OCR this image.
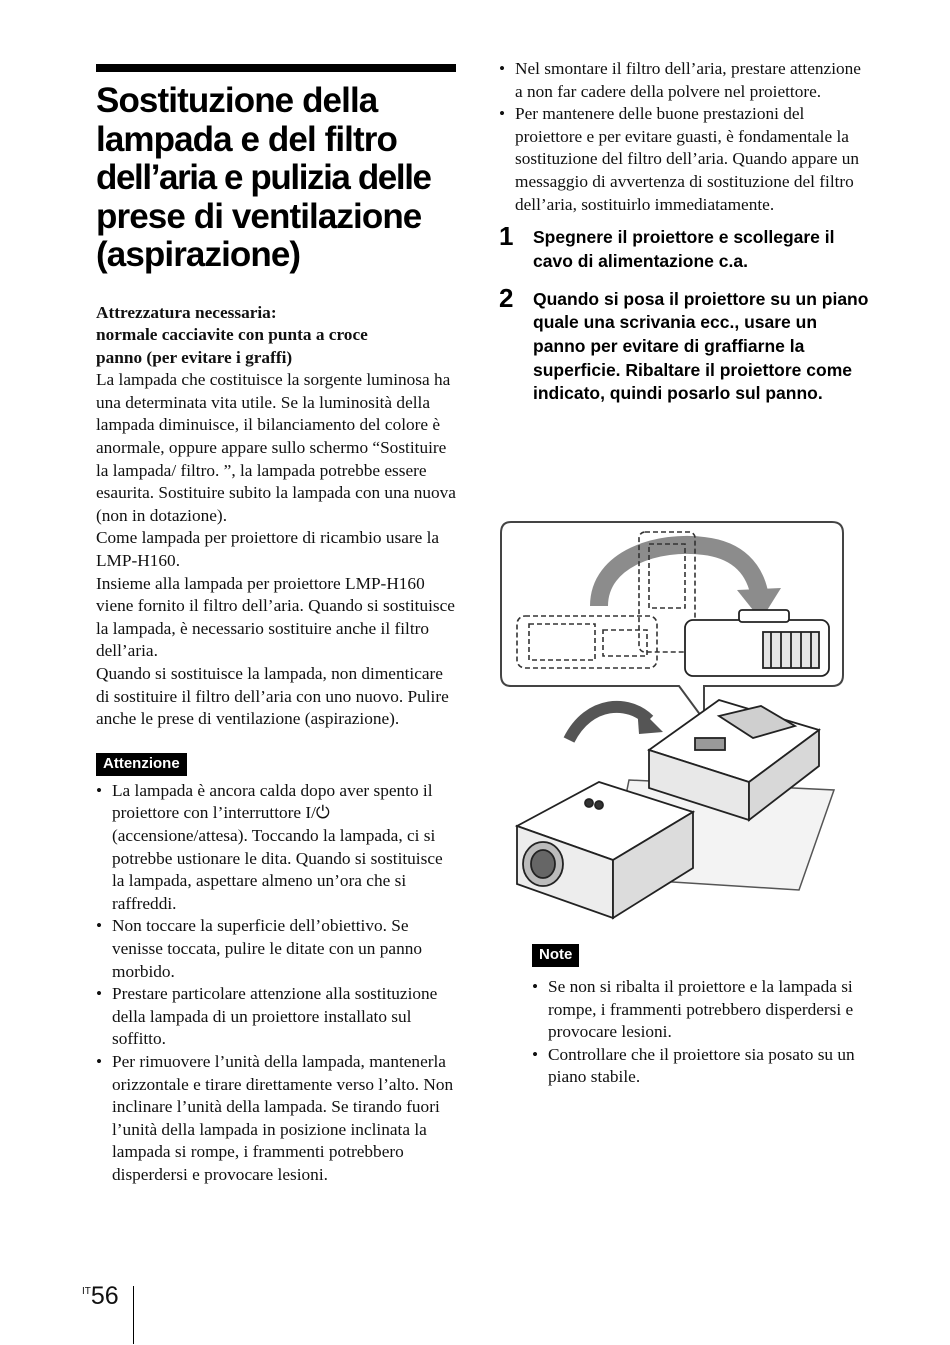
Sostituzione della
lampada e del filtro
dell’aria e pulizia delle
prese di ventilazione
(aspirazione)
Attrezzatura necessaria:
normale cacciavite con punta a croce
panno (per evitare i graffi)

La lampada che costituisce la sorgente luminosa ha una determinata vita utile. Se la luminosità della lampada diminuisce, il bilanciamento del colore è anormale, oppure appare sullo schermo “Sostituire la lampada/ filtro. ”, la lampada potrebbe essere esaurita. Sostituire subito la lampada con una nuova (non in dotazione).

Come lampada per proiettore di ricambio usare la LMP-H160.

Insieme alla lampada per proiettore LMP-H160 viene fornito il filtro dell’aria. Quando si sostituisce la lampada, è necessario sostituire anche il filtro dell’aria.

Quando si sostituisce la lampada, non dimenticare di sostituire il filtro dell’aria con uno nuovo. Pulire anche le prese di ventilazione (aspirazione).

Attenzione
• La lampada è ancora calda dopo aver spento il proiettore con l’interruttore I/⏻ (accensione/attesa). Toccando la lampada, ci si potrebbe ustionare le dita. Quando si sostituisce la lampada, aspettare almeno un’ora che si raffreddi.
• Non toccare la superficie dell’obiettivo. Se venisse toccata, pulire le ditate con un panno morbido.
• Prestare particolare attenzione alla sostituzione della lampada di un proiettore installato sul soffitto.
• Per rimuovere l’unità della lampada, mantenerla orizzontale e tirare direttamente verso l’alto. Non inclinare l’unità della lampada. Se tirando fuori l’unità della lampada in posizione inclinata la lampada si rompe, i frammenti potrebbero disperdersi e provocare lesioni.
• Nel smontare il filtro dell’aria, prestare attenzione a non far cadere della polvere nel proiettore.
• Per mantenere delle buone prestazioni del proiettore e per evitare guasti, è fondamentale la sostituzione del filtro dell’aria. Quando appare un messaggio di avvertenza di sostituzione del filtro dell’aria, sostituirlo immediatamente.
1 Spegnere il proiettore e scollegare il cavo di alimentazione c.a.
2 Quando si posa il proiettore su un piano quale una scrivania ecc., usare un panno per evitare di graffiarne la superficie. Ribaltare il proiettore come indicato, quindi posarlo sul panno.
Note
• Se non si ribalta il proiettore e la lampada si rompe, i frammenti potrebbero disperdersi e provocare lesioni.
• Controllare che il proiettore sia posato su un piano stabile.
$^{IT}$56
